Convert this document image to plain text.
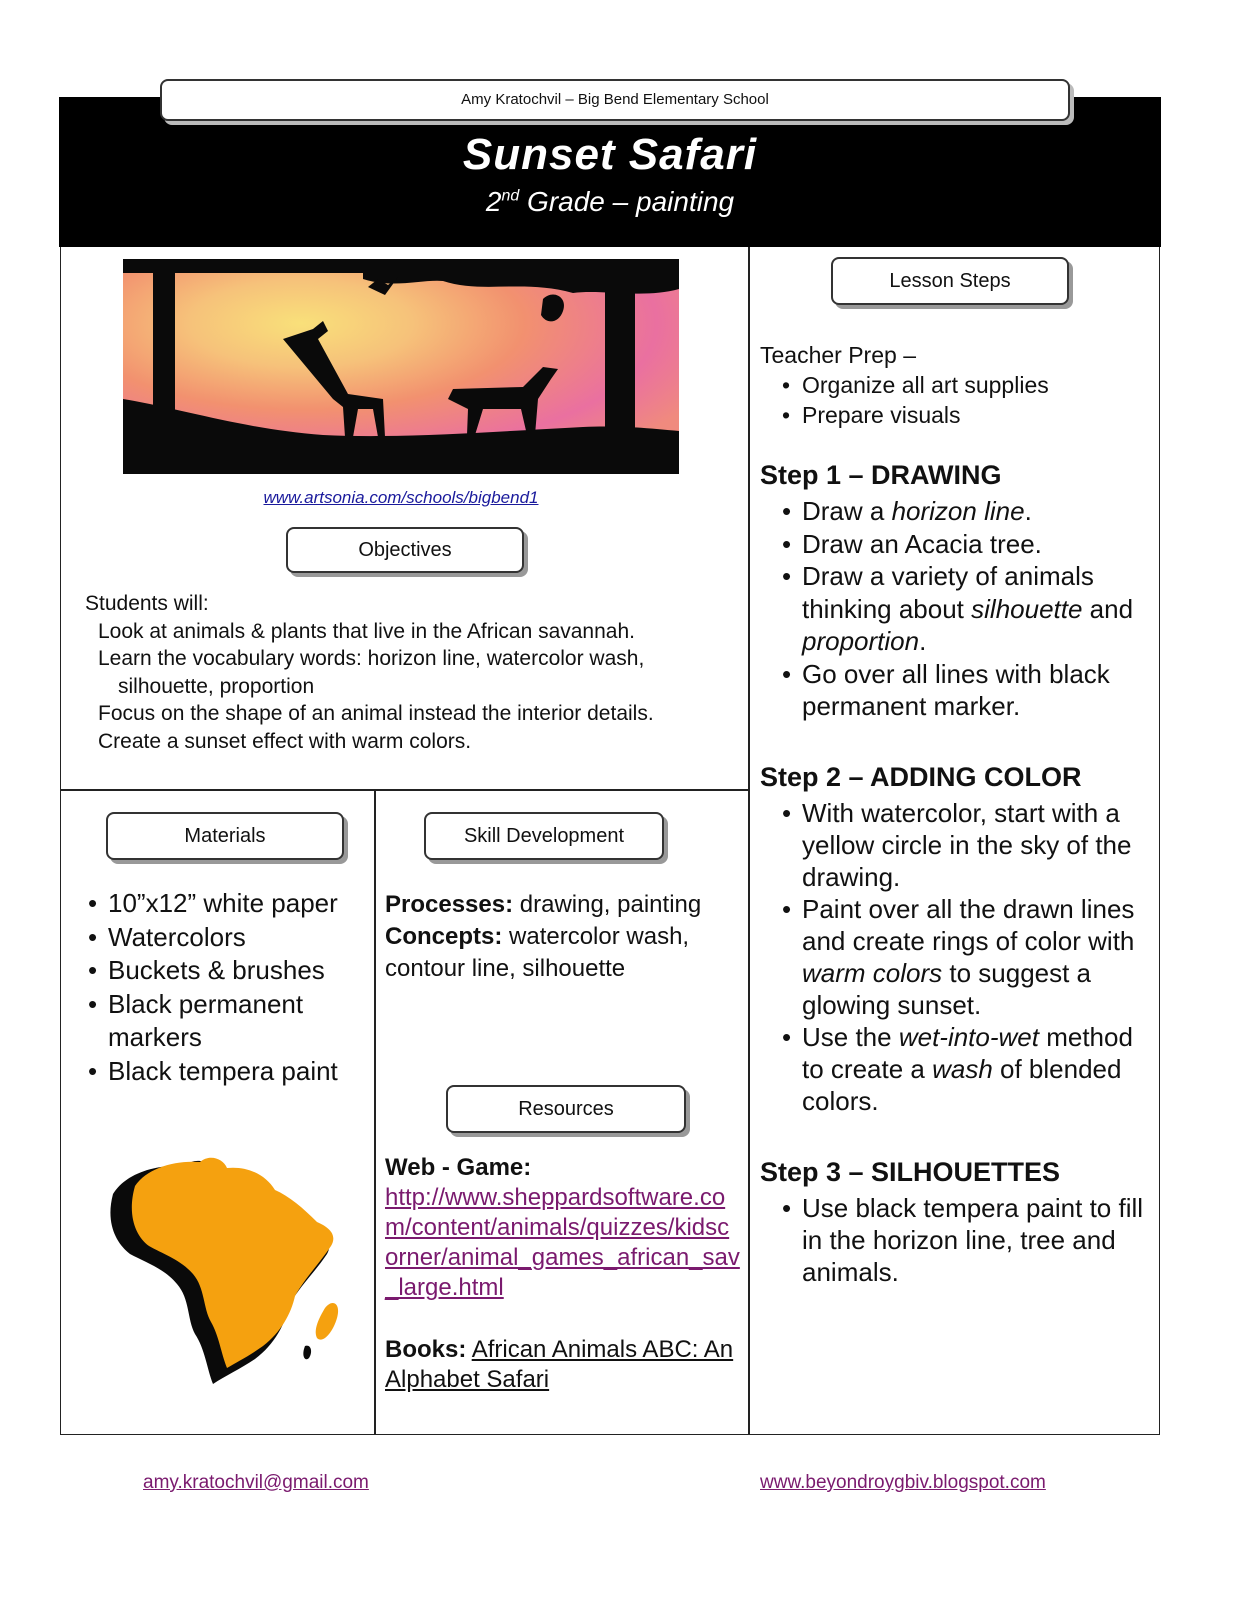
Amy Kratochvil – Big Bend Elementary School
Sunset Safari
2nd Grade – painting
www.artsonia.com/schools/bigbend1
Objectives
Students will:
Look at animals & plants that live in the African savannah.
Learn the vocabulary words: horizon line, watercolor wash,
silhouette, proportion
Focus on the shape of an animal instead the interior details.
Create a sunset effect with warm colors.
Materials
• 10”x12” white paper
• Watercolors
• Buckets & brushes
• Black permanent markers
• Black tempera paint
Skill Development
Processes: drawing, painting
Concepts: watercolor wash, contour line, silhouette
Resources
Web - Game:
http://www.sheppardsoftware.com/content/animals/quizzes/kidscorner/animal_games_african_sav_large.html
Books: African Animals ABC: An Alphabet Safari
Lesson Steps
Teacher Prep –
• Organize all art supplies
• Prepare visuals
Step 1 – DRAWING
• Draw a horizon line.
• Draw an Acacia tree.
• Draw a variety of animals thinking about silhouette and proportion.
• Go over all lines with black permanent marker.
Step 2 – ADDING COLOR
• With watercolor, start with a yellow circle in the sky of the drawing.
• Paint over all the drawn lines and create rings of color with warm colors to suggest a glowing sunset.
• Use the wet-into-wet method to create a wash of blended colors.
Step 3 – SILHOUETTES
• Use black tempera paint to fill in the horizon line, tree and animals.
amy.kratochvil@gmail.com	www.beyondroygbiv.blogspot.com
